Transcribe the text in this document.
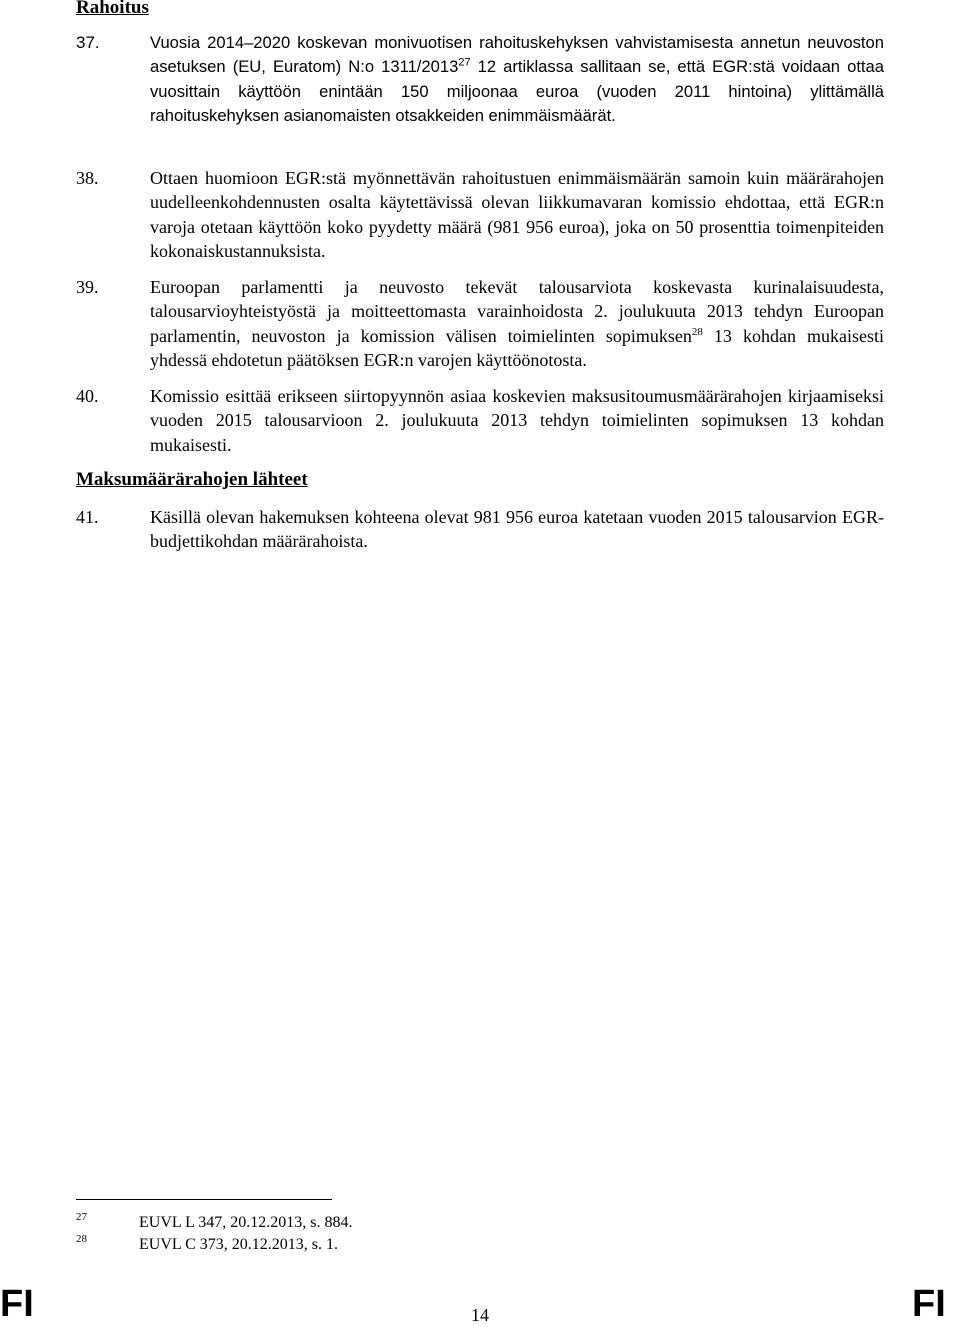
Rahoitus
37.	Vuosia 2014–2020 koskevan monivuotisen rahoituskehyksen vahvistamisesta annetun neuvoston asetuksen (EU, Euratom) N:o 1311/2013$^{27}$ 12 artiklassa sallitaan se, että EGR:stä voidaan ottaa vuosittain käyttöön enintään 150 miljoonaa euroa (vuoden 2011 hintoina) ylittämällä rahoituskehyksen asianomaisten otsakkeiden enimmäismäärät.
38.	Ottaen huomioon EGR:stä myönnettävän rahoitustuen enimmäismäärän samoin kuin määrärahojen uudelleenkohdennusten osalta käytettävissä olevan liikkumavaran komissio ehdottaa, että EGR:n varoja otetaan käyttöön koko pyydetty määrä (981 956 euroa), joka on 50 prosenttia toimenpiteiden kokonaiskustannuksista.
39.	Euroopan parlamentti ja neuvosto tekevät talousarviota koskevasta kurinalaisuudesta, talousarvioyhteistyöstä ja moitteettomasta varainhoidosta 2. joulukuuta 2013 tehdyn Euroopan parlamentin, neuvoston ja komission välisen toimielinten sopimuksen$^{28}$ 13 kohdan mukaisesti yhdessä ehdotetun päätöksen EGR:n varojen käyttöönotosta.
40.	Komissio esittää erikseen siirtopyynnön asiaa koskevien maksusitoumusmäärärahojen kirjaamiseksi vuoden 2015 talousarvioon 2. joulukuuta 2013 tehdyn toimielinten sopimuksen 13 kohdan mukaisesti.
Maksumäärärahojen lähteet
41.	Käsillä olevan hakemuksen kohteena olevat 981 956 euroa katetaan vuoden 2015 talousarvion EGR-budjettikohdan määrärahoista.
27	EUVL L 347, 20.12.2013, s. 884.
28	EUVL C 373, 20.12.2013, s. 1.
FI	14	FI
